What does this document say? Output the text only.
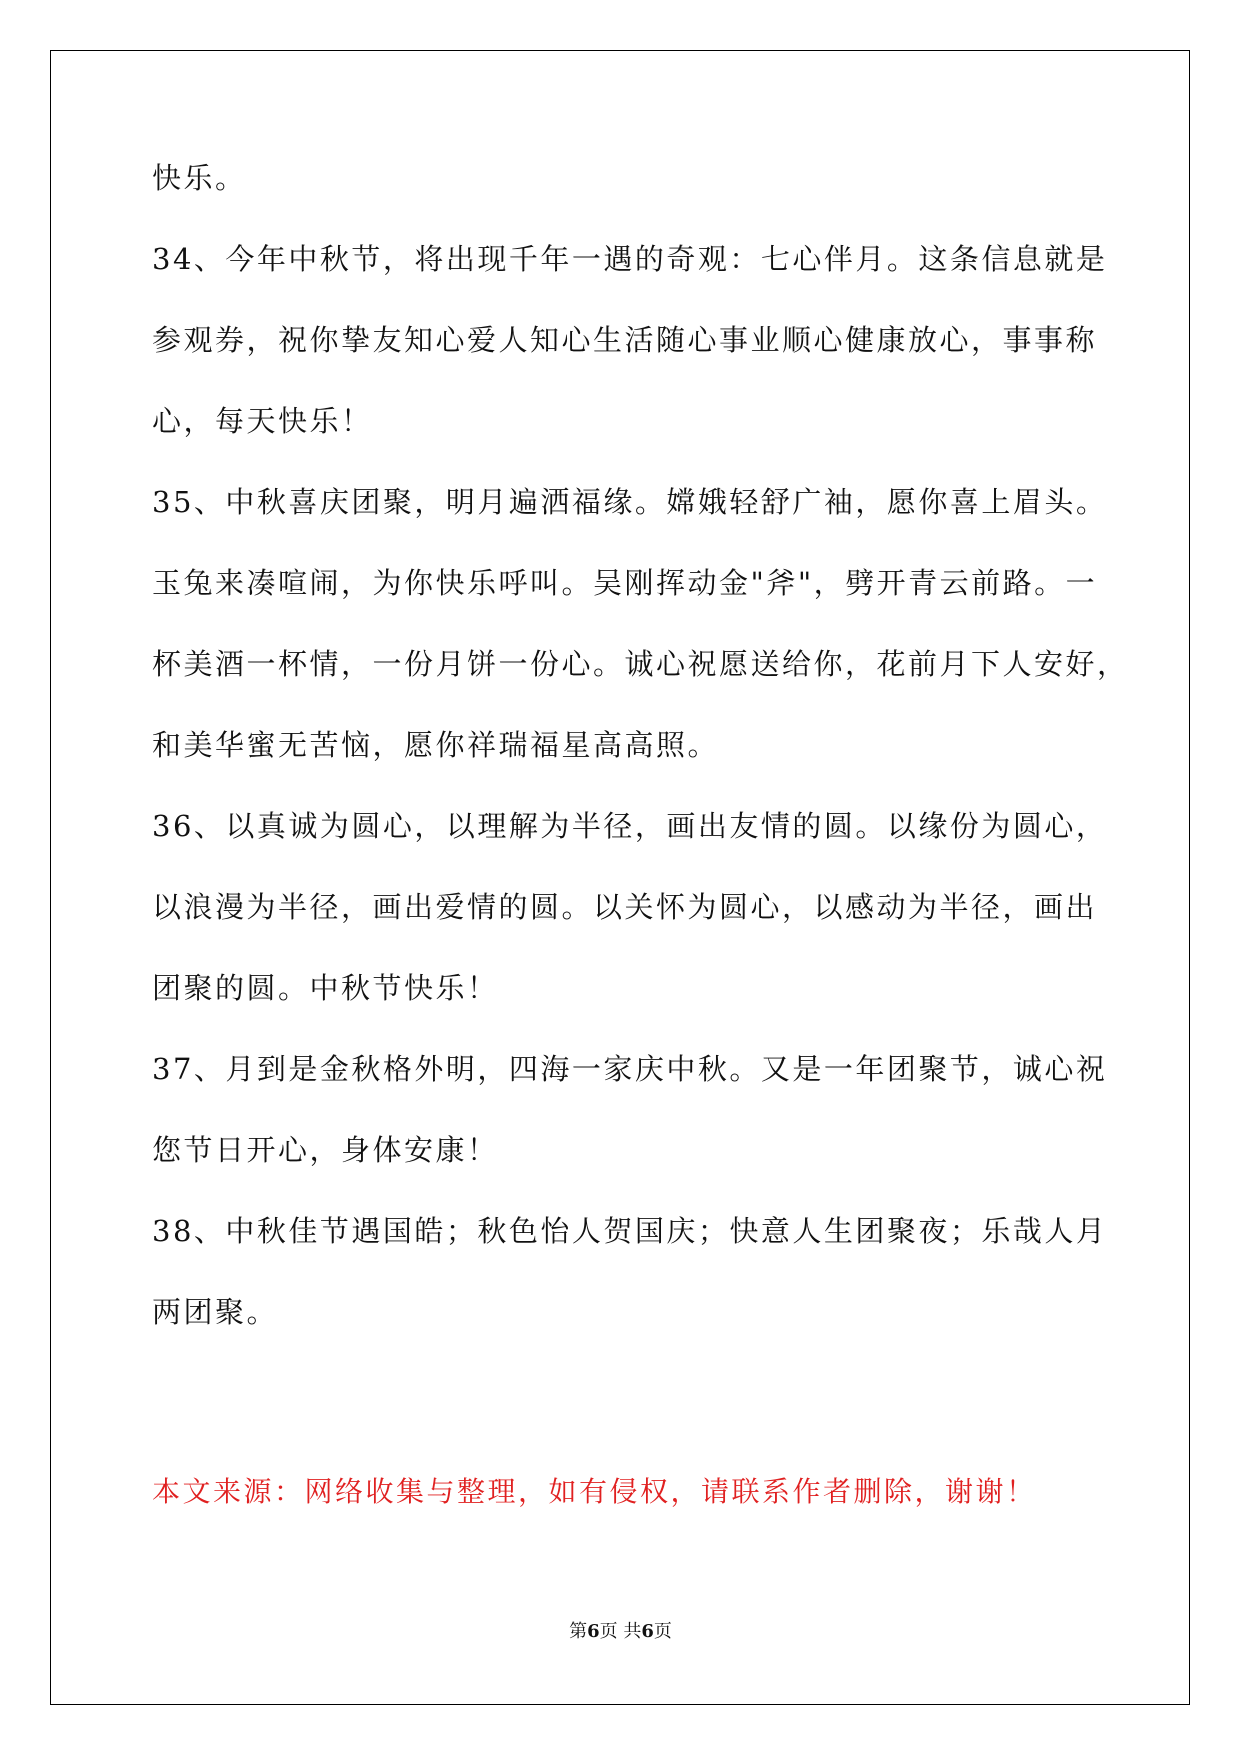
快乐。
34、今年中秋节，将出现千年一遇的奇观：七心伴月。这条信息就是
参观券，祝你挚友知心爱人知心生活随心事业顺心健康放心，事事称
心，每天快乐！
35、中秋喜庆团聚，明月遍洒福缘。嫦娥轻舒广袖，愿你喜上眉头。
玉兔来凑喧闹，为你快乐呼叫。吴刚挥动金"斧"，劈开青云前路。一
杯美酒一杯情，一份月饼一份心。诚心祝愿送给你，花前月下人安好，
和美华蜜无苦恼，愿你祥瑞福星高高照。
36、以真诚为圆心，以理解为半径，画出友情的圆。以缘份为圆心，
以浪漫为半径，画出爱情的圆。以关怀为圆心，以感动为半径，画出
团聚的圆。中秋节快乐！
37、月到是金秋格外明，四海一家庆中秋。又是一年团聚节，诚心祝
您节日开心，身体安康！
38、中秋佳节遇国皓；秋色怡人贺国庆；快意人生团聚夜；乐哉人月
两团聚。
本文来源：网络收集与整理，如有侵权，请联系作者删除，谢谢！
第6页 共6页
